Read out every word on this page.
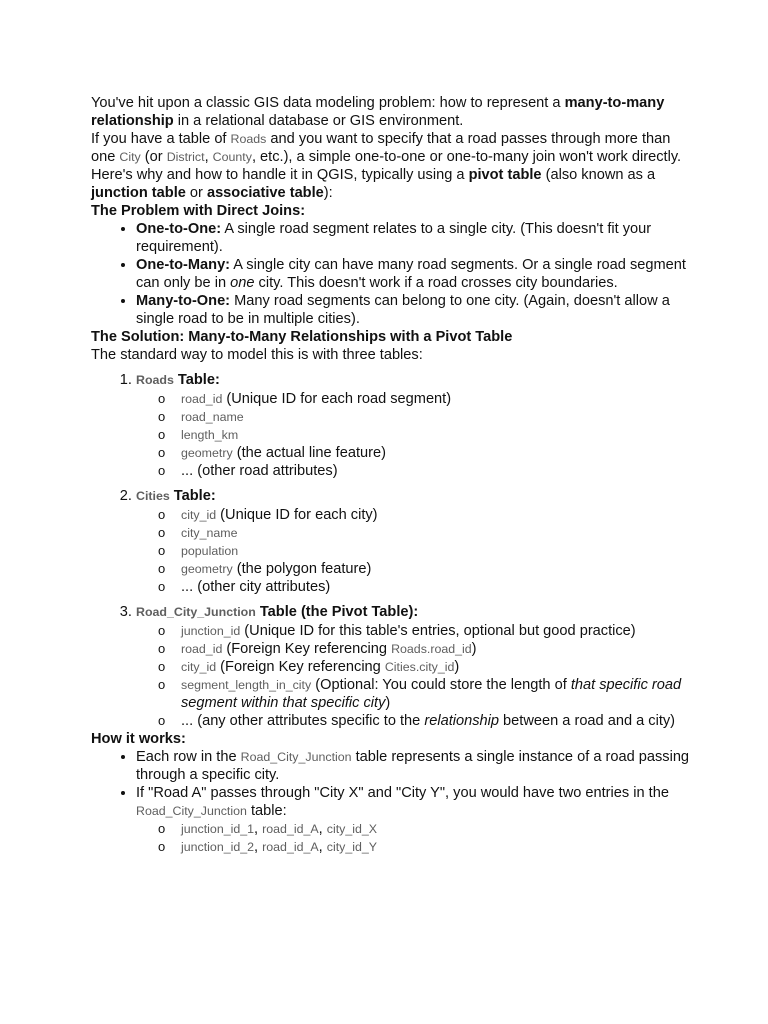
You've hit upon a classic GIS data modeling problem: how to represent a many-to-many relationship in a relational database or GIS environment.

If you have a table of Roads and you want to specify that a road passes through more than one City (or District, County, etc.), a simple one-to-one or one-to-many join won't work directly.

Here's why and how to handle it in QGIS, typically using a pivot table (also known as a junction table or associative table):

The Problem with Direct Joins:

• One-to-One: A single road segment relates to a single city. (This doesn't fit your requirement).
• One-to-Many: A single city can have many road segments. Or a single road segment can only be in one city. This doesn't work if a road crosses city boundaries.
• Many-to-One: Many road segments can belong to one city. (Again, doesn't allow a single road to be in multiple cities).

The Solution: Many-to-Many Relationships with a Pivot Table

The standard way to model this is with three tables:

1. Roads Table:
o road_id (Unique ID for each road segment)
o road_name
o length_km
o geometry (the actual line feature)
o ... (other road attributes)
2. Cities Table:
o city_id (Unique ID for each city)
o city_name
o population
o geometry (the polygon feature)
o ... (other city attributes)
3. Road_City_Junction Table (the Pivot Table):
o junction_id (Unique ID for this table's entries, optional but good practice)
o road_id (Foreign Key referencing Roads.road_id)
o city_id (Foreign Key referencing Cities.city_id)
o segment_length_in_city (Optional: You could store the length of that specific road segment within that specific city)
o ... (any other attributes specific to the relationship between a road and a city)

How it works:

• Each row in the Road_City_Junction table represents a single instance of a road passing through a specific city.
• If "Road A" passes through "City X" and "City Y", you would have two entries in the Road_City_Junction table:
o junction_id_1, road_id_A, city_id_X
o junction_id_2, road_id_A, city_id_Y
